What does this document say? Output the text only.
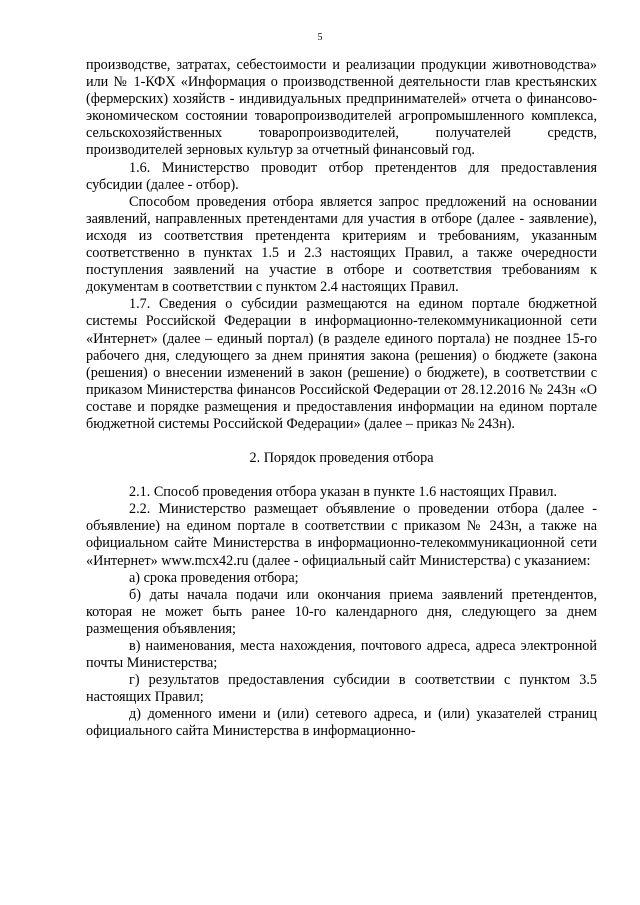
5

производстве, затратах, себестоимости и реализации продукции животноводства» или № 1-КФХ «Информация о производственной деятельности глав крестьянских (фермерских) хозяйств - индивидуальных предпринимателей» отчета о финансово-экономическом состоянии товаропроизводителей агропромышленного комплекса, сельскохозяйственных товаропроизводителей, получателей средств, производителей зерновых культур за отчетный финансовый год.

1.6. Министерство проводит отбор претендентов для предоставления субсидии (далее - отбор).

Способом проведения отбора является запрос предложений на основании заявлений, направленных претендентами для участия в отборе (далее - заявление), исходя из соответствия претендента критериям и требованиям, указанным соответственно в пунктах 1.5 и 2.3 настоящих Правил, а также очередности поступления заявлений на участие в отборе и соответствия требованиям к документам в соответствии с пунктом 2.4 настоящих Правил.

1.7. Сведения о субсидии размещаются на едином портале бюджетной системы Российской Федерации в информационно-телекоммуникационной сети «Интернет» (далее – единый портал) (в разделе единого портала) не позднее 15-го рабочего дня, следующего за днем принятия закона (решения) о бюджете (закона (решения) о внесении изменений в закон (решение) о бюджете), в соответствии с приказом Министерства финансов Российской Федерации от 28.12.2016 № 243н «О составе и порядке размещения и предоставления информации на едином портале бюджетной системы Российской Федерации» (далее – приказ № 243н).

2. Порядок проведения отбора

2.1. Способ проведения отбора указан в пункте 1.6 настоящих Правил.

2.2. Министерство размещает объявление о проведении отбора (далее - объявление) на едином портале в соответствии с приказом № 243н, а также на официальном сайте Министерства в информационно-телекоммуникационной сети «Интернет» www.mcx42.ru (далее - официальный сайт Министерства) с указанием:

а) срока проведения отбора;

б) даты начала подачи или окончания приема заявлений претендентов, которая не может быть ранее 10-го календарного дня, следующего за днем размещения объявления;

в) наименования, места нахождения, почтового адреса, адреса электронной почты Министерства;

г) результатов предоставления субсидии в соответствии с пунктом 3.5 настоящих Правил;

д) доменного имени и (или) сетевого адреса, и (или) указателей страниц официального сайта Министерства в информационно-
